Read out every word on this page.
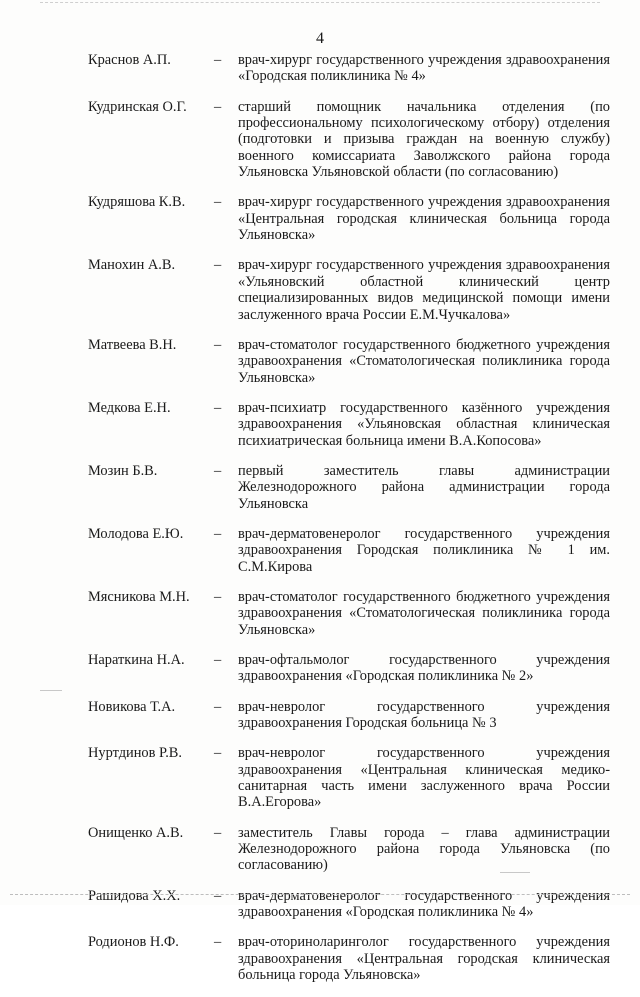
4
Краснов А.П.	–	врач-хирург государственного учреждения здравоохранения «Городская поликлиника № 4»
Кудринская О.Г.	–	старший помощник начальника отделения (по профессиональному психологическому отбору) отделения (подготовки и призыва граждан на военную службу) военного комиссариата Заволжского района города Ульяновска Ульяновской области (по согласованию)
Кудряшова К.В.	–	врач-хирург государственного учреждения здравоохранения «Центральная городская клиническая больница города Ульяновска»
Манохин А.В.	–	врач-хирург государственного учреждения здравоохранения «Ульяновский областной клинический центр специализированных видов медицинской помощи имени заслуженного врача России Е.М.Чучкалова»
Матвеева В.Н.	–	врач-стоматолог государственного бюджетного учреждения здравоохранения «Стоматологическая поликлиника города Ульяновска»
Медкова Е.Н.	–	врач-психиатр государственного казённого учреждения здравоохранения «Ульяновская областная клиническая психиатрическая больница имени В.А.Копосова»
Мозин Б.В.	–	первый заместитель главы администрации Железнодорожного района администрации города Ульяновска
Молодова Е.Ю.	–	врач-дерматовенеролог государственного учреждения здравоохранения Городская поликлиника № 1 им. С.М.Кирова
Мясникова М.Н.	–	врач-стоматолог государственного бюджетного учреждения здравоохранения «Стоматологическая поликлиника города Ульяновска»
Нараткина Н.А.	–	врач-офтальмолог государственного учреждения здравоохранения «Городская поликлиника № 2»
Новикова Т.А.	–	врач-невролог государственного учреждения здравоохранения Городская больница № 3
Нуртдинов Р.В.	–	врач-невролог государственного учреждения здравоохранения «Центральная клиническая медико-санитарная часть имени заслуженного врача России В.А.Егорова»
Онищенко А.В.	–	заместитель Главы города – глава администрации Железнодорожного района города Ульяновска (по согласованию)
Рашидова Х.Х.	–	врач-дерматовенеролог государственного учреждения здравоохранения «Городская поликлиника № 4»
Родионов Н.Ф.	–	врач-оториноларинголог государственного учреждения здравоохранения «Центральная городская клиническая больница города Ульяновска»
